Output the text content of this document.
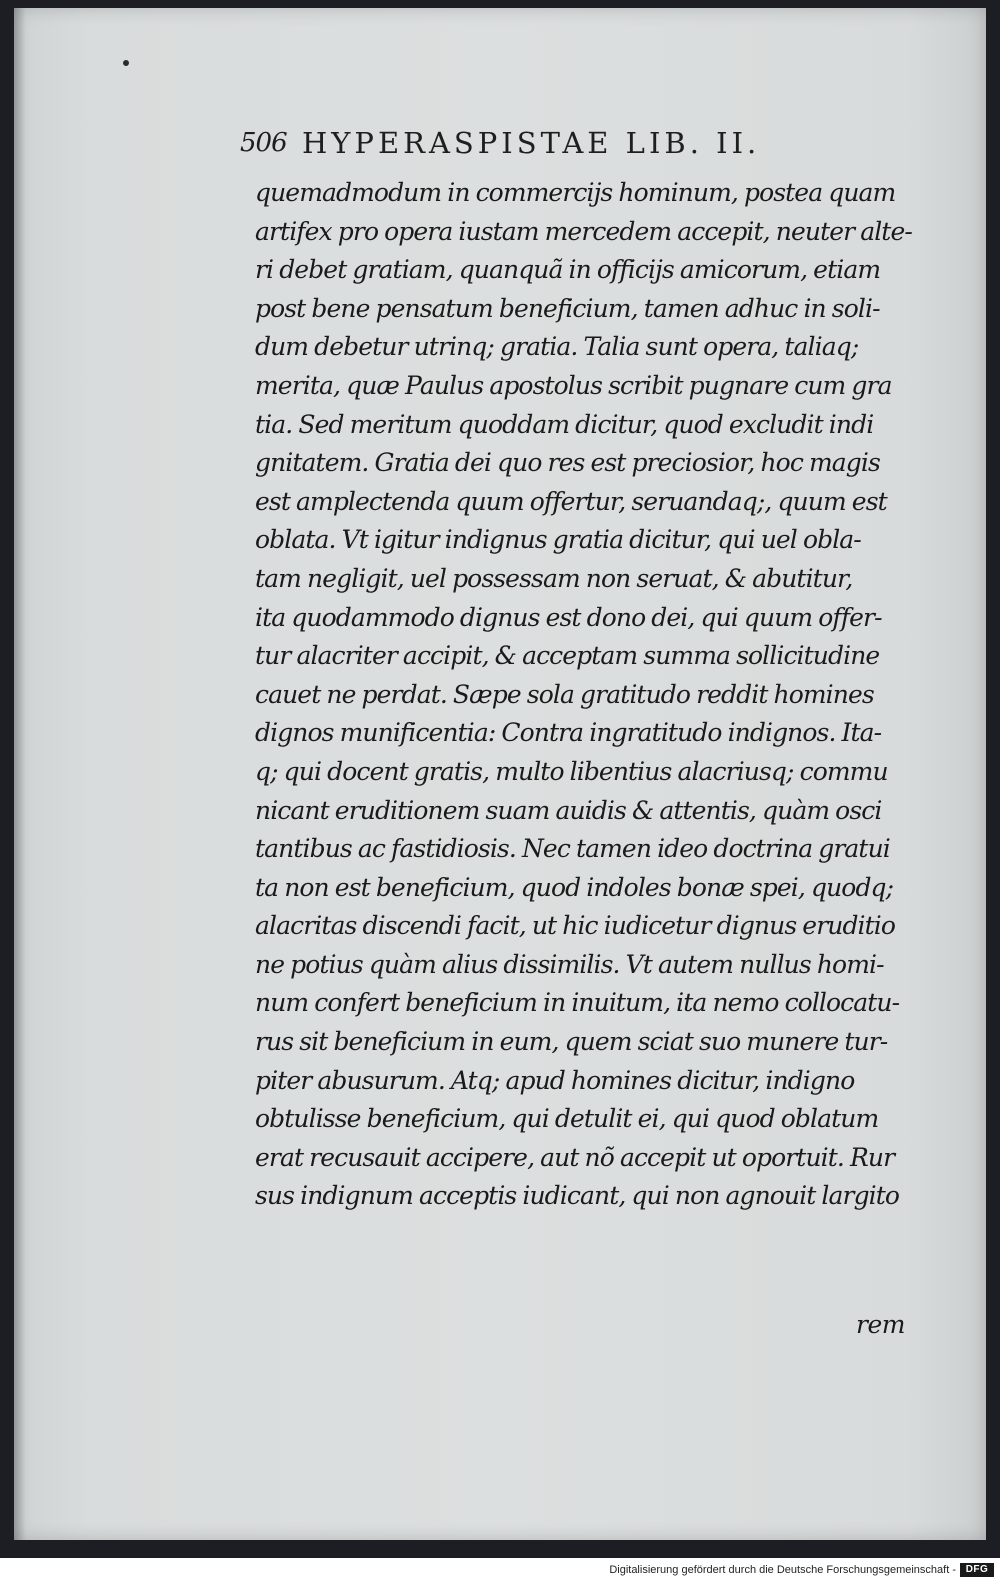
506 HYPERASPISTAE LIB. II.
quemadmodum in commercijs hominum, postea quam
artifex pro opera iustam mercedem accepit, neuter alte-
ri debet gratiam, quanquã in officijs amicorum, etiam
post bene pensatum beneficium, tamen adhuc in soli-
dum debetur utrinq; gratia. Talia sunt opera, taliaq;
merita, quæ Paulus apostolus scribit pugnare cum gra
tia. Sed meritum quoddam dicitur, quod excludit indi
gnitatem. Gratia dei quo res est preciosior, hoc magis
est amplectenda quum offertur, seruandaq;, quum est
oblata. Vt igitur indignus gratia dicitur, qui uel obla-
tam negligit, uel possessam non seruat, & abutitur,
ita quodammodo dignus est dono dei, qui quum offer-
tur alacriter accipit, & acceptam summa sollicitudine
cauet ne perdat. Sæpe sola gratitudo reddit homines
dignos munificentia: Contra ingratitudo indignos. Ita-
q; qui docent gratis, multo libentius alacriusq; commu
nicant eruditionem suam auidis & attentis, quàm osci
tantibus ac fastidiosis. Nec tamen ideo doctrina gratui
ta non est beneficium, quod indoles bonæ spei, quodq;
alacritas discendi facit, ut hic iudicetur dignus eruditio
ne potius quàm alius dissimilis. Vt autem nullus homi-
num confert beneficium in inuitum, ita nemo collocatu-
rus sit beneficium in eum, quem sciat suo munere tur-
piter abusurum. Atq; apud homines dicitur, indigno
obtulisse beneficium, qui detulit ei, qui quod oblatum
erat recusauit accipere, aut nõ accepit ut oportuit. Rur
sus indignum acceptis iudicant, qui non agnouit largito
rem
Digitalisierung gefördert durch die Deutsche Forschungsgemeinschaft - DFG
